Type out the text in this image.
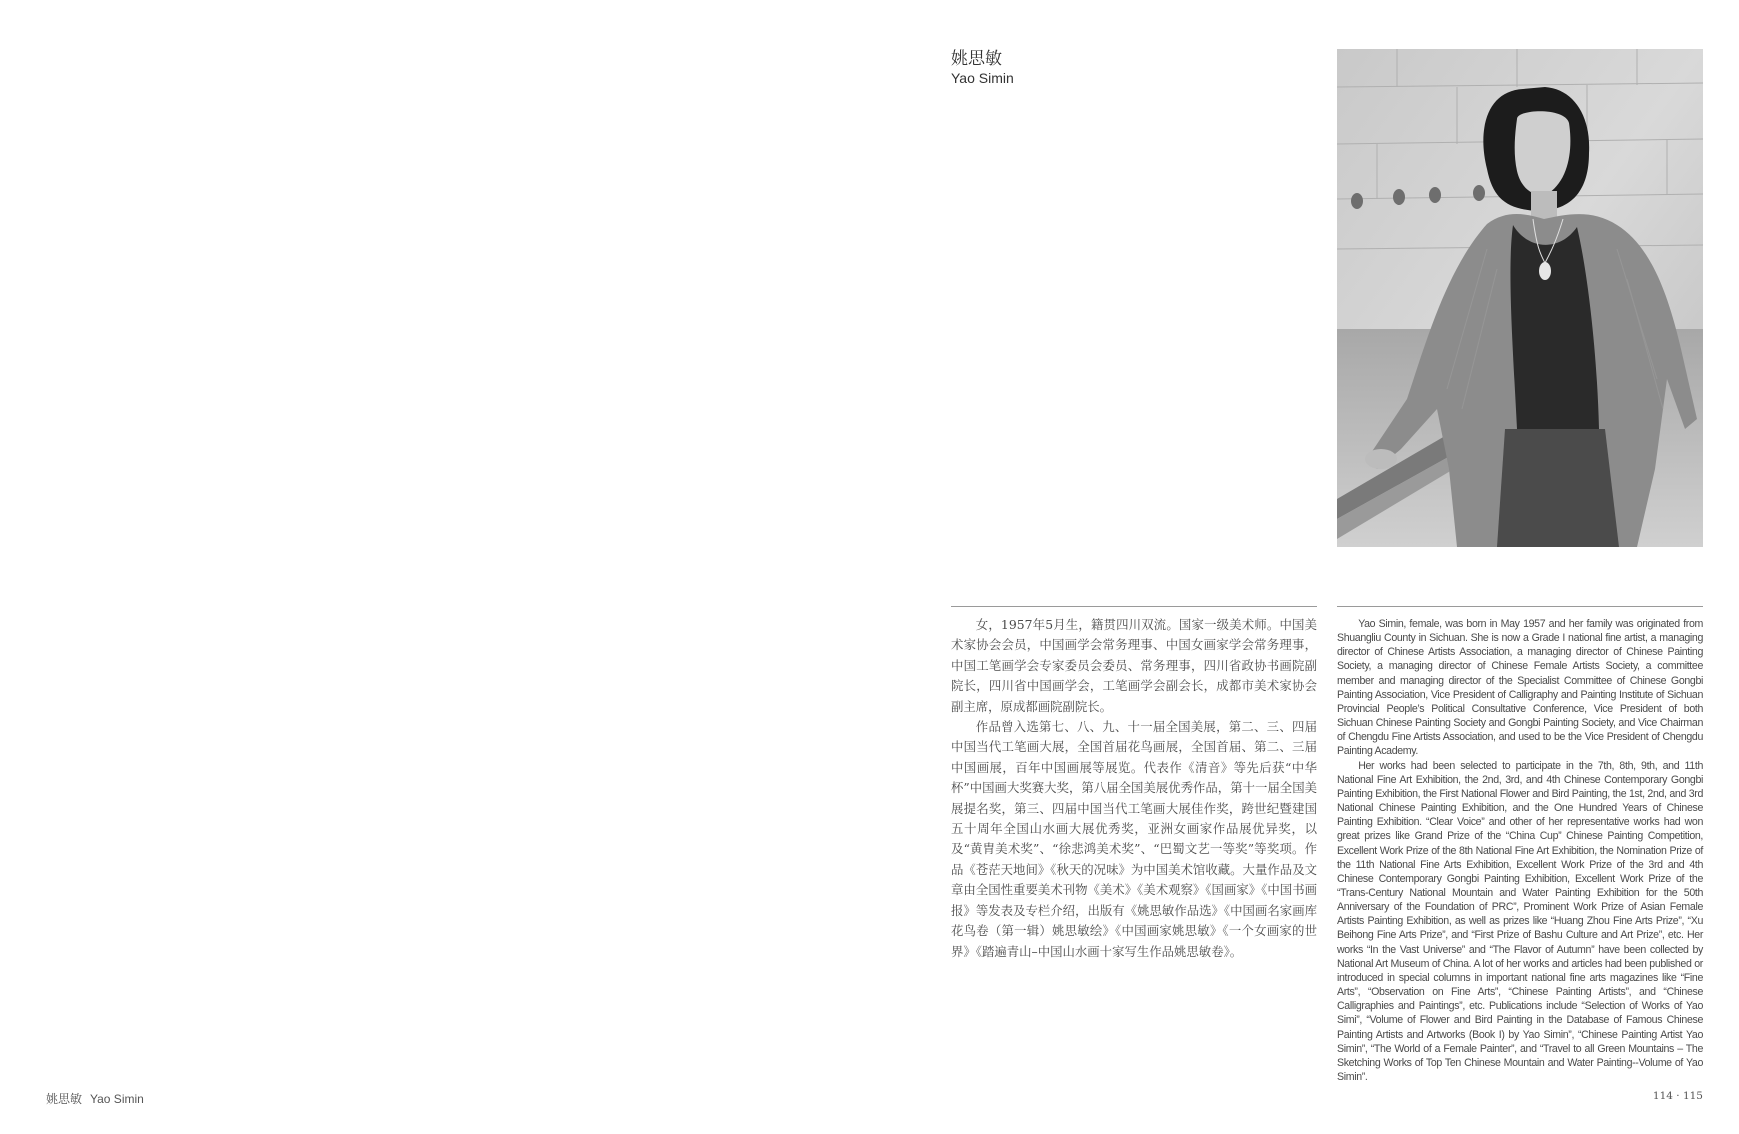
姚思敏
Yao Simin

女，1957年5月生，籍贯四川双流。国家一级美术师。中国美术家协会会员，中国画学会常务理事、中国女画家学会常务理事，中国工笔画学会专家委员会委员、常务理事，四川省政协书画院副院长，四川省中国画学会，工笔画学会副会长，成都市美术家协会副主席，原成都画院副院长。

作品曾入选第七、八、九、十一届全国美展，第二、三、四届中国当代工笔画大展，全国首届花鸟画展，全国首届、第二、三届中国画展，百年中国画展等展览。代表作《清音》等先后获“中华杯”中国画大奖赛大奖，第八届全国美展优秀作品，第十一届全国美展提名奖，第三、四届中国当代工笔画大展佳作奖，跨世纪暨建国五十周年全国山水画大展优秀奖，亚洲女画家作品展优异奖，以及“黄胄美术奖”、“徐悲鸿美术奖”、“巴蜀文艺一等奖”等奖项。作品《苍茫天地间》《秋天的况味》为中国美术馆收藏。大量作品及文章由全国性重要美术刊物《美术》《美术观察》《国画家》《中国书画报》等发表及专栏介绍，出版有《姚思敏作品选》《中国画名家画库花鸟卷（第一辑）姚思敏绘》《中国画家姚思敏》《一个女画家的世界》《踏遍青山–中国山水画十家写生作品姚思敏卷》。

Yao Simin, female, was born in May 1957 and her family was originated from Shuangliu County in Sichuan. She is now a Grade I national fine artist, a managing director of Chinese Artists Association, a managing director of Chinese Painting Society, a managing director of Chinese Female Artists Society, a committee member and managing director of the Specialist Committee of Chinese Gongbi Painting Association, Vice President of Calligraphy and Painting Institute of Sichuan Provincial People’s Political Consultative Conference, Vice President of both Sichuan Chinese Painting Society and Gongbi Painting Society, and Vice Chairman of Chengdu Fine Artists Association, and used to be the Vice President of Chengdu Painting Academy.

Her works had been selected to participate in the 7th, 8th, 9th, and 11th National Fine Art Exhibition, the 2nd, 3rd, and 4th Chinese Contemporary Gongbi Painting Exhibition, the First National Flower and Bird Painting, the 1st, 2nd, and 3rd National Chinese Painting Exhibition, and the One Hundred Years of Chinese Painting Exhibition. “Clear Voice” and other of her representative works had won great prizes like Grand Prize of the “China Cup” Chinese Painting Competition, Excellent Work Prize of the 8th National Fine Art Exhibition, the Nomination Prize of the 11th National Fine Arts Exhibition, Excellent Work Prize of the 3rd and 4th Chinese Contemporary Gongbi Painting Exhibition, Excellent Work Prize of the “Trans-Century National Mountain and Water Painting Exhibition for the 50th Anniversary of the Foundation of PRC”, Prominent Work Prize of Asian Female Artists Painting Exhibition, as well as prizes like “Huang Zhou Fine Arts Prize”, “Xu Beihong Fine Arts Prize”, and “First Prize of Bashu Culture and Art Prize”, etc. Her works “In the Vast Universe” and “The Flavor of Autumn” have been collected by National Art Museum of China. A lot of her works and articles had been published or introduced in special columns in important national fine arts magazines like “Fine Arts”, “Observation on Fine Arts”, “Chinese Painting Artists”, and “Chinese Calligraphies and Paintings”, etc. Publications include “Selection of Works of Yao Simi”, “Volume of Flower and Bird Painting in the Database of Famous Chinese Painting Artists and Artworks (Book I) by Yao Simin”, “Chinese Painting Artist Yao Simin”, “The World of a Female Painter”, and “Travel to all Green Mountains – The Sketching Works of Top Ten Chinese Mountain and Water Painting--Volume of Yao Simin”.

姚思敏 Yao Simin	114 · 115
